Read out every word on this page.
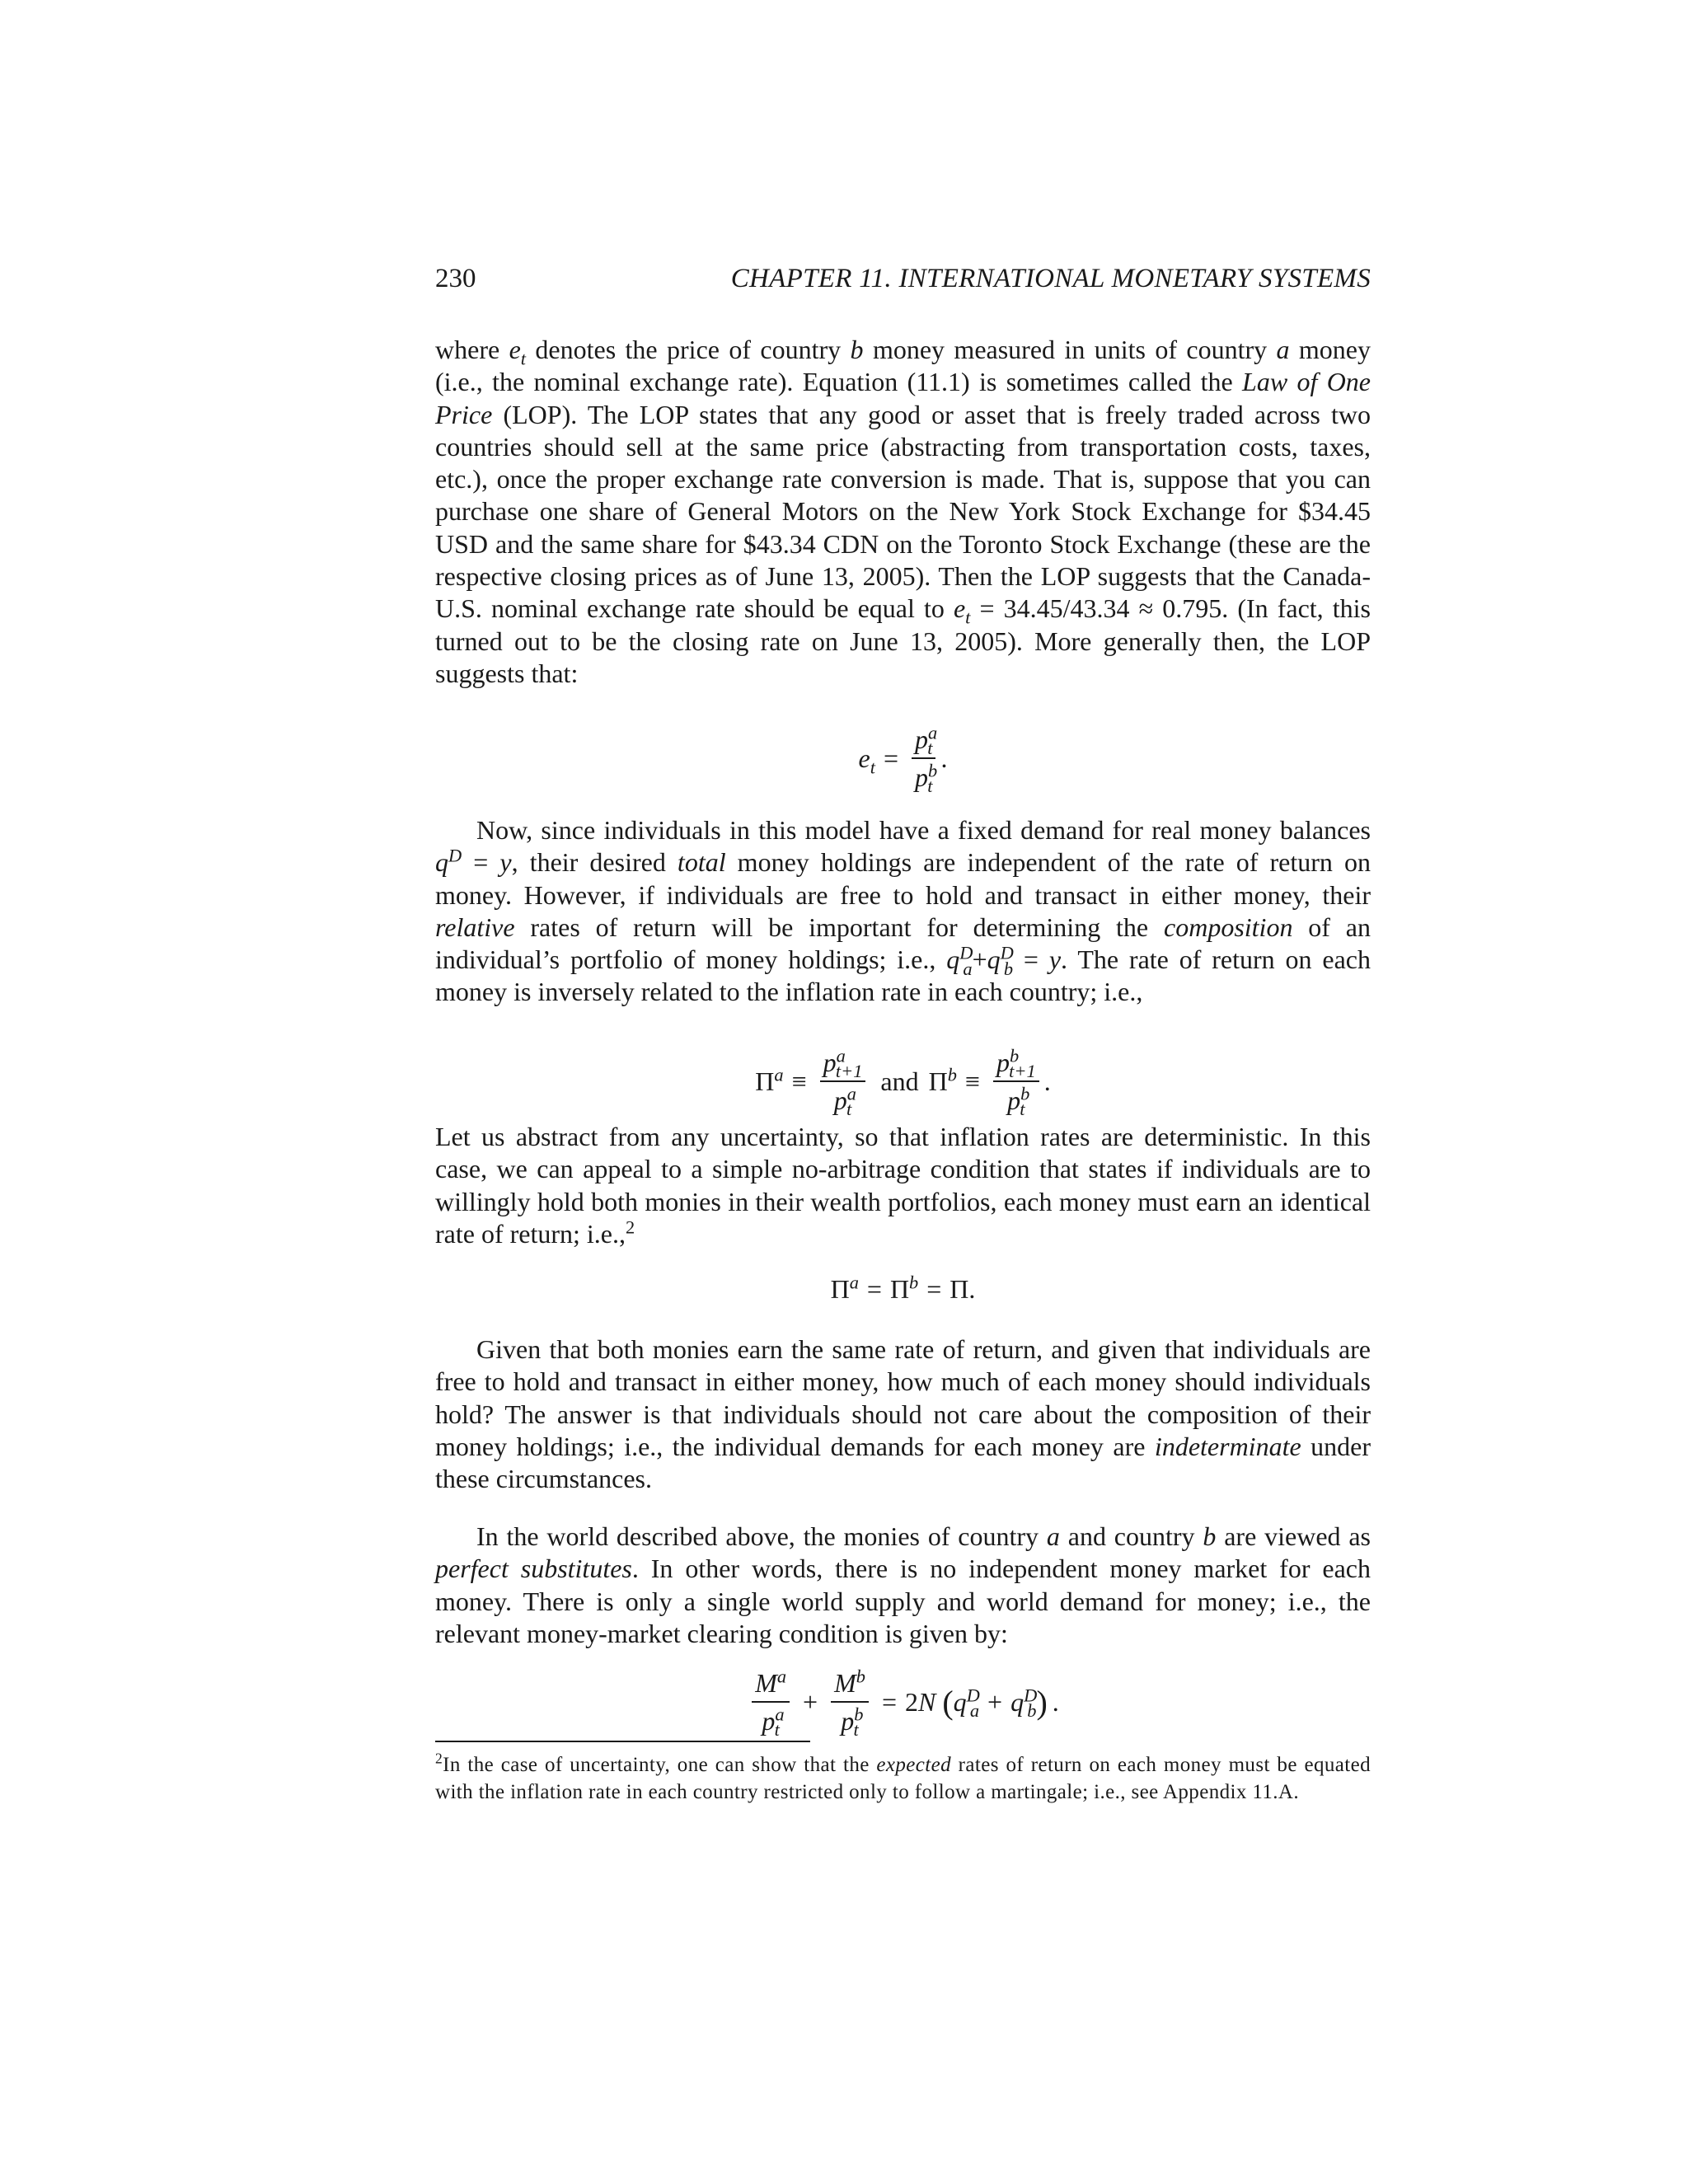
230	CHAPTER 11. INTERNATIONAL MONETARY SYSTEMS
where $e_t$ denotes the price of country b money measured in units of country a money (i.e., the nominal exchange rate). Equation (11.1) is sometimes called the Law of One Price (LOP). The LOP states that any good or asset that is freely traded across two countries should sell at the same price (abstracting from transportation costs, taxes, etc.), once the proper exchange rate conversion is made. That is, suppose that you can purchase one share of General Motors on the New York Stock Exchange for $34.45 USD and the same share for $43.34 CDN on the Toronto Stock Exchange (these are the respective closing prices as of June 13, 2005). Then the LOP suggests that the Canada-U.S. nominal exchange rate should be equal to $e_t = 34.45/43.34 \approx 0.795$. (In fact, this turned out to be the closing rate on June 13, 2005). More generally then, the LOP suggests that:
$e_t = \frac{p^a_t}{p^b_t}$ .
Now, since individuals in this model have a fixed demand for real money balances $q^D = y$, their desired total money holdings are independent of the rate of return on money. However, if individuals are free to hold and transact in either money, their relative rates of return will be important for determining the composition of an individual’s portfolio of money holdings; i.e., $q^D_a+q^D_b = y$. The rate of return on each money is inversely related to the inflation rate in each country; i.e.,
$\Pi^a \equiv \frac{p^a_{t+1}}{p^a_t}$ and $\Pi^b \equiv \frac{p^b_{t+1}}{p^b_t}$ .
Let us abstract from any uncertainty, so that inflation rates are deterministic. In this case, we can appeal to a simple no-arbitrage condition that states if individuals are to willingly hold both monies in their wealth portfolios, each money must earn an identical rate of return; i.e.,$^2$
$\Pi^a = \Pi^b = \Pi$.
Given that both monies earn the same rate of return, and given that individuals are free to hold and transact in either money, how much of each money should individuals hold? The answer is that individuals should not care about the composition of their money holdings; i.e., the individual demands for each money are indeterminate under these circumstances.
In the world described above, the monies of country a and country b are viewed as perfect substitutes. In other words, there is no independent money market for each money. There is only a single world supply and world demand for money; i.e., the relevant money-market clearing condition is given by:
$\frac{M^a}{p^a_t} + \frac{M^b}{p^b_t} = 2$ N ( $q^D_a + q^D_b$ ) .
$^2$In the case of uncertainty, one can show that the expected rates of return on each money must be equated with the inflation rate in each country restricted only to follow a martingale; i.e., see Appendix 11.A.
